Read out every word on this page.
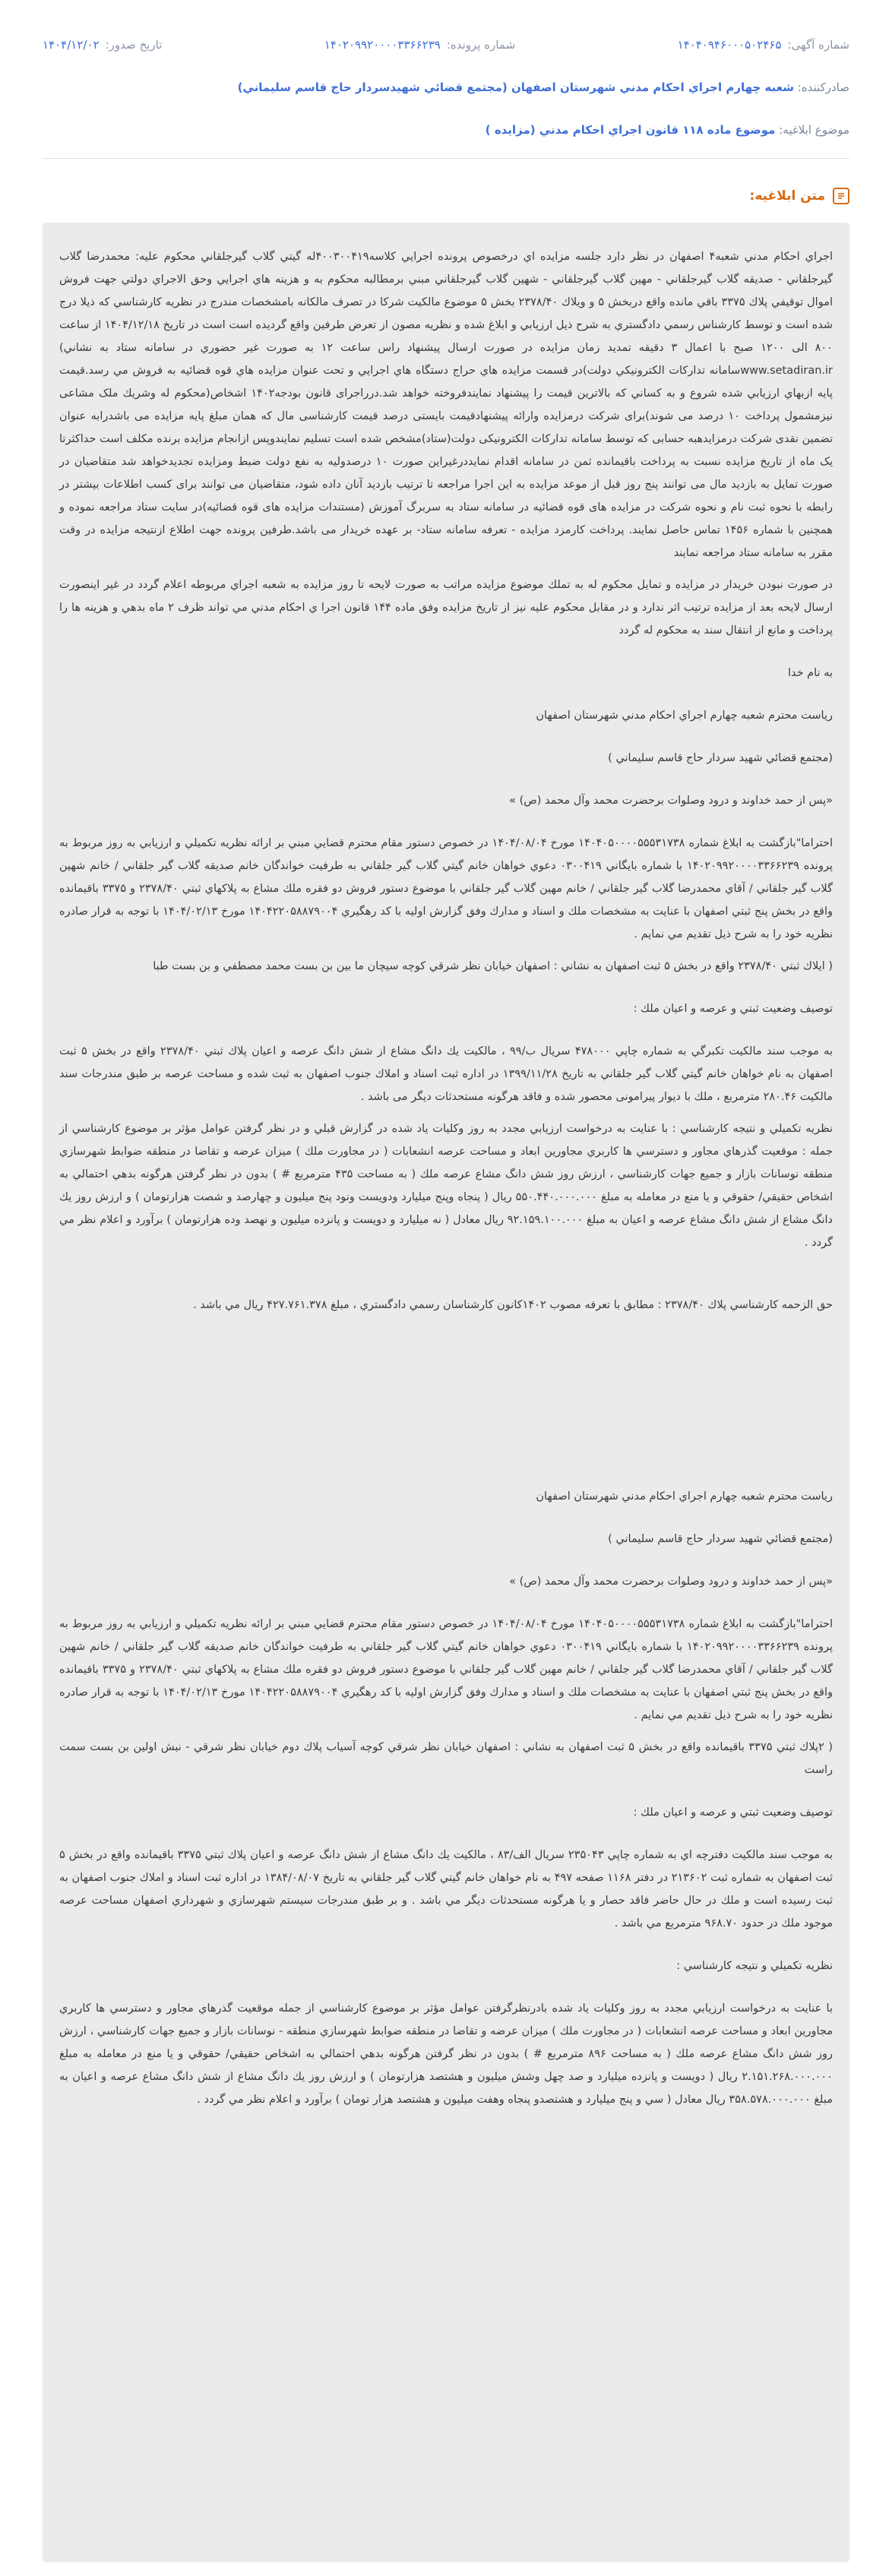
شماره آگهی:
۱۴۰۴۰۹۴۶۰۰۰۵۰۲۴۶۵
شماره پرونده:
۱۴۰۲۰۹۹۲۰۰۰۰۳۳۶۶۲۳۹
تاریخ صدور:
۱۴۰۴/۱۲/۰۲
صادرکننده: شعبه چهارم اجراي احكام مدني شهرستان اصفهان (مجتمع قضائي شهيدسردار حاج قاسم سليماني)
موضوع ابلاغیه: موضوع ماده ۱۱۸ قانون اجراي احكام مدني (مزايده )
متن ابلاغیه:

اجراي احكام مدني شعبه۴ اصفهان در نظر دارد جلسه مزايده اي درخصوص پرونده اجرايي كلاسه۴۰۰۳۰۰۴۱۹له گيتي گلاب گيرجلقاني محكوم عليه: محمدرضا گلاب گيرجلقاني - صديقه گلاب گيرجلقاني - مهين گلاب گيرجلقاني - شهين گلاب گيرجلقاني مبني برمطالبه محكوم به و هزينه هاي اجرايي وحق الاجراي دولتي جهت فروش اموال توقيفي پلاك ۳۳۷۵ باقي مانده واقع دربخش ۵ و ويلاك ۲۳۷۸/۴۰ بخش ۵ موضوع مالكيت شركا در تصرف مالكانه بامشخصات مندرج در نظريه كارشناسي كه ذيلا درج شده است و توسط كارشناس رسمي دادگستري به شرح ذيل ارزيابي و ابلاغ شده و نظريه مصون از تعرض طرفين واقع گرديده است است در تاريخ ۱۴۰۴/۱۲/۱۸ از ساعت ۸۰۰ الی ۱۲۰۰ صبح با اعمال ۳ دقيقه تمديد زمان مزايده در صورت ارسال پيشنهاد راس ساعت ۱۲ به صورت غير حضوري در سامانه ستاد به نشاني) www.setadiran.irسامانه تداركات الكترونيكي دولت)در قسمت مزايده هاي حراج دستگاه هاي اجرايي و تحت عنوان مزايده هاي قوه قضائيه به فروش مي رسد.قيمت پايه ازبهاي ارزيابي شده شروع و به كساني كه بالاترين قيمت را پيشنهاد نمايندفروخته خواهد شد.درراجرای قانون بودجه۱۴۰۲ اشخاص(محكوم له وشريك ملک مشاعی نيزمشمول پرداخت ۱۰ درصد می شوند)برای شرکت درمزايده وارائه پيشنهادقيمت بايستی درصد قيمت كارشناسی مال كه همان مبلغ پايه مزايده می باشدرابه عنوان تضمين نقدی شركت درمزايدهبه حسابی كه توسط سامانه تدارکات الكترونيكی دولت(ستاد)مشخص شده است تسليم نمايندوپس ازانجام مزايده برنده مكلف است حداكثرتا يک ماه از تاريخ مزايده نسبت به پرداخت باقيمانده ثمن در سامانه اقدام نمايددرغيراين صورت ۱۰ درصدوليه به نفع دولت ضبط ومزايده تجديدخواهد شد متقاضيان در صورت تمايل به بازديد مال می توانند پنج روز قبل از موعد مزايده به اين اجرا مراجعه تا ترتيب بازديد آنان داده شود، متقاضيان می توانند برای كسب اطلاعات بيشتر در رابطه با نحوه ثبت نام و نحوه شركت در مزايده های قوه قضائيه در سامانه ستاد به سربرگ آموزش (مستندات مزايده های قوه قضائيه)در سايت ستاد مراجعه نموده و همچنين با شماره ۱۴۵۶ تماس حاصل نمايند. پرداخت كارمزد مزايده - تعرفه سامانه ستاد- بر عهده خريدار می باشد.طرفين پرونده جهت اطلاع ازنتيجه مزايده در وقت مقرر به سامانه ستاد مراجعه نمايند

در صورت نبودن خريدار در مزايده و تمايل محكوم له به تملك موضوع مزايده مراتب به صورت لايحه تا روز مزايده به شعبه اجراي مربوطه اعلام گردد در غير اينصورت ارسال لايحه بعد از مزايده ترتيب اثر ندارد و در مقابل محكوم عليه نيز از تاريخ مزايده وفق ماده ۱۴۴ قانون اجرا ي احكام مدني مي تواند ظرف ۲ ماه بدهي و هزينه ها را پرداخت و مانع از انتقال سند به محكوم له گردد

به نام خدا

رياست محترم شعبه چهارم اجراي احكام مدني شهرستان اصفهان

(مجتمع قضائي شهيد سردار حاج قاسم سليماني )

«پس از حمد خداوند و درود وصلوات برحضرت محمد وآل محمد (ص) »

احتراما"بازگشت به ابلاغ شماره ۱۴۰۴۰۵۰۰۰۰۵۵۵۳۱۷۳۸ مورخ ۱۴۰۴/۰۸/۰۴ در خصوص دستور مقام محترم قضايي مبني بر ارائه نظريه تكميلي و ارزيابي به روز مربوط به پرونده ۱۴۰۲۰۹۹۲۰۰۰۰۳۳۶۶۲۳۹ با شماره بايگاني ۰۳۰۰۴۱۹ دعوي خواهان خانم گيتي گلاب گير جلقاني به طرفيت خواندگان خانم صديقه گلاب گير جلقاني / خانم شهين گلاب گير جلقاني / آقاي محمدرضا گلاب گير جلقاني / خانم مهين گلاب گير جلقاني با موضوع دستور فروش دو فقره ملك مشاع به پلاكهاي ثبتي ۲۳۷۸/۴۰ و ۳۳۷۵ باقيمانده واقع در بخش پنج ثبتي اصفهان با عنايت به مشخصات ملك و اسناد و مدارك وفق گزارش اوليه با كد رهگيري ۱۴۰۴۲۲۰۵۸۸۷۹۰۰۴ مورخ ۱۴۰۴/۰۲/۱۳ با توجه به قرار صادره نظريه خود را به شرح ذيل تقديم مي نمايم .

( ايلاك ثبتي ۲۳۷۸/۴۰ واقع در بخش ۵ ثبت اصفهان به نشاني : اصفهان خيابان نظر شرقي كوچه سيچان ما بين بن بست محمد مصطفي و بن بست طبا

توصيف وضعيت ثبتي و عرصه و اعيان ملك :

به موجب سند مالكيت تكبرگي به شماره چاپي ۴۷۸۰۰۰ سريال ب/۹۹ ، مالكيت يك دانگ مشاع از شش دانگ عرصه و اعيان پلاك ثبتي ۲۳۷۸/۴۰ واقع در بخش ۵ ثبت اصفهان به نام خواهان خانم گيتي گلاب گير جلقاني به تاريخ ۱۳۹۹/۱۱/۲۸ در اداره ثبت اسناد و املاك جنوب اصفهان به ثبت شده و مساحت عرصه بر طبق مندرجات سند مالكيت ۲۸۰.۴۶ مترمربع ، ملك با ديوار پيرامونی محصور شده و فاقد هرگونه مستحدثات ديگر می باشد .

نظريه تكميلي و نتيجه كارشناسي : با عنايت به درخواست ارزيابي مجدد به روز وكليات ياد شده در گزارش قبلي و در نظر گرفتن عوامل مؤثر بر موضوع كارشناسي از جمله : موقعيت گذرهاي مجاور و دسترسي ها كاربري مجاورين ابعاد و مساحت عرصه انشعابات ( در مجاورت ملك ) ميزان عرضه و تقاضا در منطقه ضوابط شهرسازي منطقه نوسانات بازار و جميع جهات كارشناسي ، ارزش روز شش دانگ مشاع عرصه ملك ( به مساحت ۴۳۵ مترمربع # ) بدون در نظر گرفتن هرگونه بدهي احتمالي به اشخاص حقيقي/ حقوقي و يا منع در معامله به مبلغ ۵۵۰.۴۴۰.۰۰۰.۰۰۰ ريال ( پنجاه وپنج ميليارد ودويست ونود پنج ميليون و چهارصد و شصت هزارتومان ) و ارزش روز يك دانگ مشاع از شش دانگ مشاع عرصه و اعيان به مبلغ ۹۲.۱۵۹.۱۰۰.۰۰۰ ريال معادل ( نه ميليارد و دويست و پانزده ميليون و نهصد وده هزارتومان ) برآورد و اعلام نظر مي گردد .

حق الزحمه كارشناسي پلاك ۲۳۷۸/۴۰ : مطابق با تعرفه مصوب ۱۴۰۲كانون كارشناسان رسمي دادگستري ، مبلغ ۴۲۷.۷۶۱.۳۷۸ ريال مي باشد .

رياست محترم شعبه چهارم اجراي احكام مدني شهرستان اصفهان

(مجتمع قضائي شهيد سردار حاج قاسم سليماني )

«پس از حمد خداوند و درود وصلوات برحضرت محمد وآل محمد (ص) »

احتراما"بازگشت به ابلاغ شماره ۱۴۰۴۰۵۰۰۰۰۵۵۵۳۱۷۳۸ مورخ ۱۴۰۴/۰۸/۰۴ در خصوص دستور مقام محترم قضايي مبني بر ارائه نظريه تكميلي و ارزيابي به روز مربوط به پرونده ۱۴۰۲۰۹۹۲۰۰۰۰۳۳۶۶۲۳۹ با شماره بايگاني ۰۳۰۰۴۱۹ دعوي خواهان خانم گيتي گلاب گير جلقاني به طرفيت خواندگان خانم صديقه گلاب گير جلقاني / خانم شهين گلاب گير جلقاني / آقاي محمدرضا گلاب گير جلقاني / خانم مهين گلاب گير جلقاني با موضوع دستور فروش دو فقره ملك مشاع به پلاكهاي ثبتي ۲۳۷۸/۴۰ و ۳۳۷۵ باقيمانده واقع در بخش پنج ثبتي اصفهان با عنايت به مشخصات ملك و اسناد و مدارك وفق گزارش اوليه با كد رهگيري ۱۴۰۴۲۲۰۵۸۸۷۹۰۰۴ مورخ ۱۴۰۴/۰۲/۱۳ با توجه به قرار صادره نظريه خود را به شرح ذيل تقديم مي نمايم .

( ۲پلاك ثبتي ۳۳۷۵ باقيمانده واقع در بخش ۵ ثبت اصفهان به نشاني : اصفهان خيابان نظر شرقي كوچه آسياب پلاك دوم خيابان نظر شرقي - نبش اولين بن بست سمت راست

توصيف وضعيت ثبتي و عرصه و اعيان ملك :

به موجب سند مالكيت دفترچه اي به شماره چاپي ۲۳۵۰۴۳ سريال الف/۸۳ ، مالكيت يك دانگ مشاع از شش دانگ عرصه و اعيان پلاك ثبتي ۳۳۷۵ باقيمانده واقع در بخش ۵ ثبت اصفهان به شماره ثبت ۲۱۳۶۰۲ در دفتر ۱۱۶۸ صفحه ۴۹۷ به نام خواهان خانم گيتي گلاب گير جلقاني به تاريخ ۱۳۸۴/۰۸/۰۷ در اداره ثبت اسناد و املاك جنوب اصفهان به ثبت رسيده است و ملك در حال حاضر فاقد حصار و يا هرگونه مستحدثات ديگر مي باشد . و بر طبق مندرجات سيستم شهرسازي و شهرداري اصفهان مساحت عرصه موجود ملك در حدود ۹۶۸.۷۰ مترمربع مي باشد .

نظريه تكميلي و نتيجه كارشناسي :

با عنايت به درخواست ارزيابي مجدد به روز وكليات ياد شده بادرنظرگرفتن عوامل مؤثر بر موضوع كارشناسي از جمله موقعيت گذرهاي مجاور و دسترسي ها كاربري مجاورين ابعاد و مساحت عرصه انشعابات ( در مجاورت ملك ) ميزان عرضه و تقاضا در منطقه ضوابط شهرسازي منطقه - نوسانات بازار و جميع جهات كارشناسي ، ارزش روز شش دانگ مشاع عرصه ملك ( به مساحت ۸۹۶ مترمربع # ) بدون در نظر گرفتن هرگونه بدهي احتمالي به اشخاص حقيقي/ حقوقي و يا منع در معامله به مبلغ ۲.۱۵۱.۲۶۸.۰۰۰.۰۰۰ ريال ( دويست و پانزده ميليارد و صد چهل وشش ميليون و هشتصد هزارتومان ) و ارزش روز يك دانگ مشاع از شش دانگ مشاع عرصه و اعيان به مبلغ ۳۵۸.۵۷۸.۰۰۰.۰۰۰ ريال معادل ( سي و پنج ميليارد و هشتصدو پنجاه وهفت ميليون و هشتصد هزار تومان ) برآورد و اعلام نظر مي گردد .
